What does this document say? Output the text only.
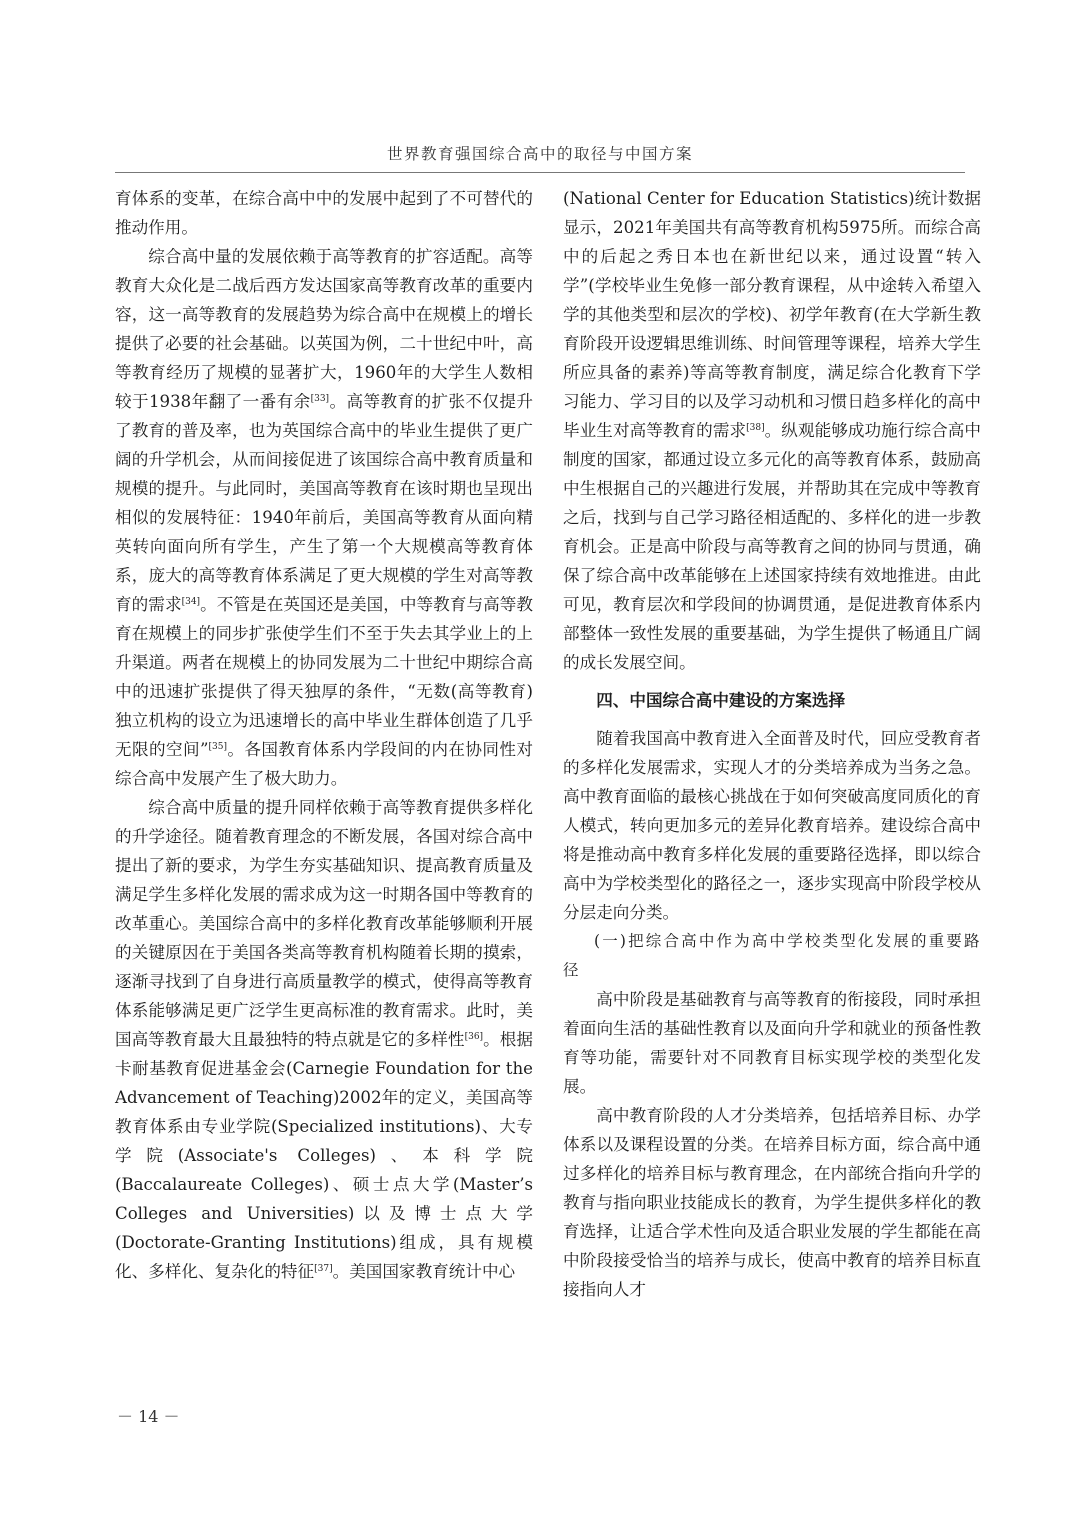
世界教育强国综合高中的取径与中国方案

育体系的变革，在综合高中中的发展中起到了不可替代的推动作用。

综合高中量的发展依赖于高等教育的扩容适配。高等教育大众化是二战后西方发达国家高等教育改革的重要内容，这一高等教育的发展趋势为综合高中在规模上的增长提供了必要的社会基础。以英国为例，二十世纪中叶，高等教育经历了规模的显著扩大，1960年的大学生人数相较于1938年翻了一番有余[33]。高等教育的扩张不仅提升了教育的普及率，也为英国综合高中的毕业生提供了更广阔的升学机会，从而间接促进了该国综合高中教育质量和规模的提升。与此同时，美国高等教育在该时期也呈现出相似的发展特征：1940年前后，美国高等教育从面向精英转向面向所有学生，产生了第一个大规模高等教育体系，庞大的高等教育体系满足了更大规模的学生对高等教育的需求[34]。不管是在英国还是美国，中等教育与高等教育在规模上的同步扩张使学生们不至于失去其学业上的上升渠道。两者在规模上的协同发展为二十世纪中期综合高中的迅速扩张提供了得天独厚的条件，“无数(高等教育)独立机构的设立为迅速增长的高中毕业生群体创造了几乎无限的空间”[35]。各国教育体系内学段间的内在协同性对综合高中发展产生了极大助力。

综合高中质量的提升同样依赖于高等教育提供多样化的升学途径。随着教育理念的不断发展，各国对综合高中提出了新的要求，为学生夯实基础知识、提高教育质量及满足学生多样化发展的需求成为这一时期各国中等教育的改革重心。美国综合高中的多样化教育改革能够顺利开展的关键原因在于美国各类高等教育机构随着长期的摸索，逐渐寻找到了自身进行高质量教学的模式，使得高等教育体系能够满足更广泛学生更高标准的教育需求。此时，美国高等教育最大且最独特的特点就是它的多样性[36]。根据卡耐基教育促进基金会(Carnegie Foundation for the Advancement of Teaching)2002年的定义，美国高等教育体系由专业学院(Specialized institutions)、大专学院(Associate's Colleges)、本科学院(Baccalaureate Colleges)、硕士点大学(Master’s Colleges and Universities)以及博士点大学(Doctorate-Granting Institutions)组成，具有规模化、多样化、复杂化的特征[37]。美国国家教育统计中心

(National Center for Education Statistics)统计数据显示，2021年美国共有高等教育机构5975所。而综合高中的后起之秀日本也在新世纪以来，通过设置“转入学”(学校毕业生免修一部分教育课程，从中途转入希望入学的其他类型和层次的学校)、初学年教育(在大学新生教育阶段开设逻辑思维训练、时间管理等课程，培养大学生所应具备的素养)等高等教育制度，满足综合化教育下学习能力、学习目的以及学习动机和习惯日趋多样化的高中毕业生对高等教育的需求[38]。纵观能够成功施行综合高中制度的国家，都通过设立多元化的高等教育体系，鼓励高中生根据自己的兴趣进行发展，并帮助其在完成中等教育之后，找到与自己学习路径相适配的、多样化的进一步教育机会。正是高中阶段与高等教育之间的协同与贯通，确保了综合高中改革能够在上述国家持续有效地推进。由此可见，教育层次和学段间的协调贯通，是促进教育体系内部整体一致性发展的重要基础，为学生提供了畅通且广阔的成长发展空间。

四、中国综合高中建设的方案选择

随着我国高中教育进入全面普及时代，回应受教育者的多样化发展需求，实现人才的分类培养成为当务之急。高中教育面临的最核心挑战在于如何突破高度同质化的育人模式，转向更加多元的差异化教育培养。建设综合高中将是推动高中教育多样化发展的重要路径选择，即以综合高中为学校类型化的路径之一，逐步实现高中阶段学校从分层走向分类。

(一)把综合高中作为高中学校类型化发展的重要路径

高中阶段是基础教育与高等教育的衔接段，同时承担着面向生活的基础性教育以及面向升学和就业的预备性教育等功能，需要针对不同教育目标实现学校的类型化发展。

高中教育阶段的人才分类培养，包括培养目标、办学体系以及课程设置的分类。在培养目标方面，综合高中通过多样化的培养目标与教育理念，在内部统合指向升学的教育与指向职业技能成长的教育，为学生提供多样化的教育选择，让适合学术性向及适合职业发展的学生都能在高中阶段接受恰当的培养与成长，使高中教育的培养目标直接指向人才

－ 14 －
